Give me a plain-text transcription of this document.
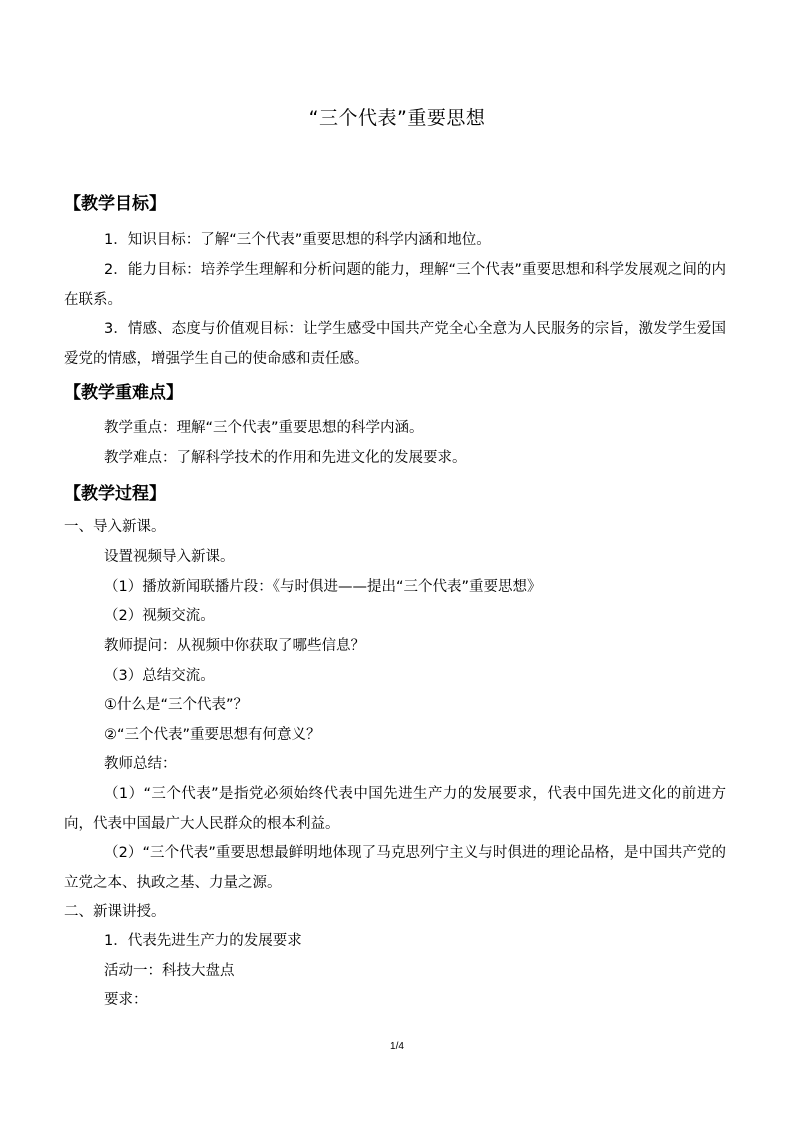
“三个代表”重要思想
【教学目标】
1．知识目标：了解“三个代表”重要思想的科学内涵和地位。
2．能力目标：培养学生理解和分析问题的能力，理解“三个代表”重要思想和科学发展观之间的内在联系。
3．情感、态度与价值观目标：让学生感受中国共产党全心全意为人民服务的宗旨，激发学生爱国爱党的情感，增强学生自己的使命感和责任感。
【教学重难点】
教学重点：理解“三个代表”重要思想的科学内涵。
教学难点：了解科学技术的作用和先进文化的发展要求。
【教学过程】
一、导入新课。
设置视频导入新课。
（1）播放新闻联播片段：《与时俱进——提出“三个代表”重要思想》
（2）视频交流。
教师提问：从视频中你获取了哪些信息？
（3）总结交流。
①什么是“三个代表”？
②“三个代表”重要思想有何意义？
教师总结：
（1）“三个代表”是指党必须始终代表中国先进生产力的发展要求，代表中国先进文化的前进方向，代表中国最广大人民群众的根本利益。
（2）“三个代表”重要思想最鲜明地体现了马克思列宁主义与时俱进的理论品格，是中国共产党的立党之本、执政之基、力量之源。
二、新课讲授。
1．代表先进生产力的发展要求
活动一：科技大盘点
要求：
1/4
